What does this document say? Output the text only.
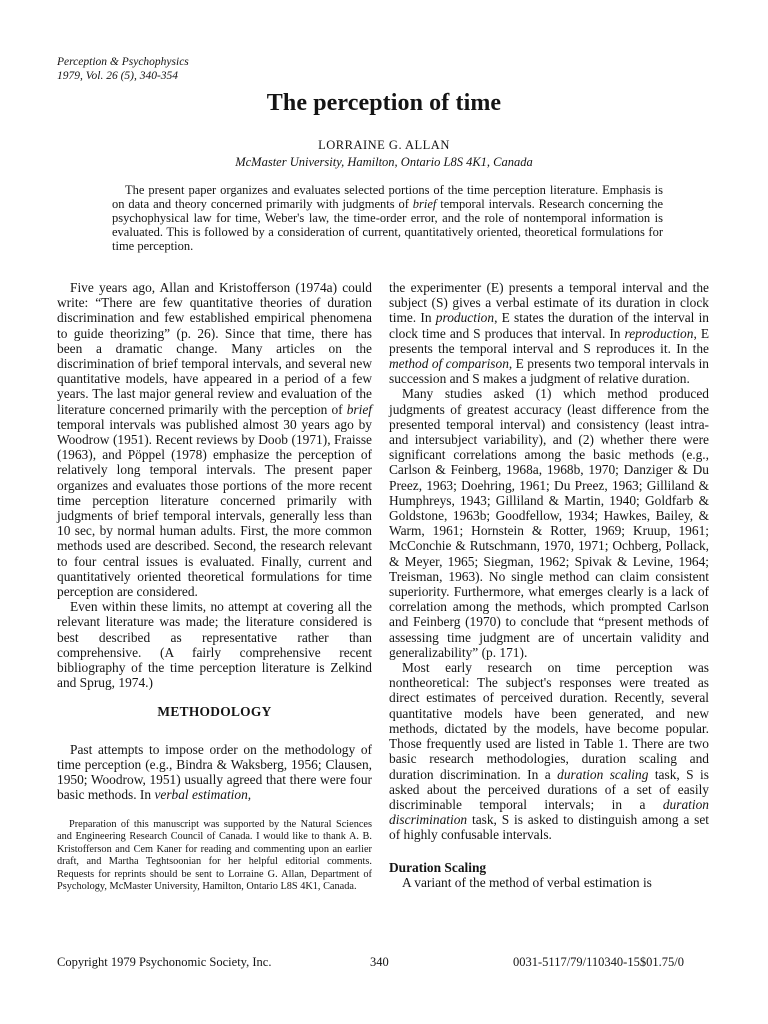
Perception & Psychophysics
1979, Vol. 26 (5), 340-354
The perception of time
LORRAINE G. ALLAN
McMaster University, Hamilton, Ontario L8S 4K1, Canada

The present paper organizes and evaluates selected portions of the time perception literature. Emphasis is on data and theory concerned primarily with judgments of brief temporal intervals. Research concerning the psychophysical law for time, Weber's law, the time-order error, and the role of nontemporal information is evaluated. This is followed by a consideration of current, quantitatively oriented, theoretical formulations for time perception.

Five years ago, Allan and Kristofferson (1974a) could write: “There are few quantitative theories of duration discrimination and few established empirical phenomena to guide theorizing” (p. 26). Since that time, there has been a dramatic change. Many articles on the discrimination of brief temporal intervals, and several new quantitative models, have appeared in a period of a few years. The last major general review and evaluation of the literature concerned primarily with the perception of brief temporal intervals was published almost 30 years ago by Woodrow (1951). Recent reviews by Doob (1971), Fraisse (1963), and Pöppel (1978) emphasize the perception of relatively long temporal intervals. The present paper organizes and evaluates those portions of the more recent time perception literature concerned primarily with judgments of brief temporal intervals, generally less than 10 sec, by normal human adults. First, the more common methods used are described. Second, the research relevant to four central issues is evaluated. Finally, current and quantitatively oriented theoretical formulations for time perception are considered.

Even within these limits, no attempt at covering all the relevant literature was made; the literature considered is best described as representative rather than comprehensive. (A fairly comprehensive recent bibliography of the time perception literature is Zelkind and Sprug, 1974.)

METHODOLOGY

Past attempts to impose order on the methodology of time perception (e.g., Bindra & Waksberg, 1956; Clausen, 1950; Woodrow, 1951) usually agreed that there were four basic methods. In verbal estimation,

Preparation of this manuscript was supported by the Natural Sciences and Engineering Research Council of Canada. I would like to thank A. B. Kristofferson and Cem Kaner for reading and commenting upon an earlier draft, and Martha Teghtsoonian for her helpful editorial comments. Requests for reprints should be sent to Lorraine G. Allan, Department of Psychology, McMaster University, Hamilton, Ontario L8S 4K1, Canada.

the experimenter (E) presents a temporal interval and the subject (S) gives a verbal estimate of its duration in clock time. In production, E states the duration of the interval in clock time and S produces that interval. In reproduction, E presents the temporal interval and S reproduces it. In the method of comparison, E presents two temporal intervals in succession and S makes a judgment of relative duration.

Many studies asked (1) which method produced judgments of greatest accuracy (least difference from the presented temporal interval) and consistency (least intra- and intersubject variability), and (2) whether there were significant correlations among the basic methods (e.g., Carlson & Feinberg, 1968a, 1968b, 1970; Danziger & Du Preez, 1963; Doehring, 1961; Du Preez, 1963; Gilliland & Humphreys, 1943; Gilliland & Martin, 1940; Goldfarb & Goldstone, 1963b; Goodfellow, 1934; Hawkes, Bailey, & Warm, 1961; Hornstein & Rotter, 1969; Kruup, 1961; McConchie & Rutschmann, 1970, 1971; Ochberg, Pollack, & Meyer, 1965; Siegman, 1962; Spivak & Levine, 1964; Treisman, 1963). No single method can claim consistent superiority. Furthermore, what emerges clearly is a lack of correlation among the methods, which prompted Carlson and Feinberg (1970) to conclude that “present methods of assessing time judgment are of uncertain validity and generalizability” (p. 171).

Most early research on time perception was nontheoretical: The subject's responses were treated as direct estimates of perceived duration. Recently, several quantitative models have been generated, and new methods, dictated by the models, have become popular. Those frequently used are listed in Table 1. There are two basic research methodologies, duration scaling and duration discrimination. In a duration scaling task, S is asked about the perceived durations of a set of easily discriminable temporal intervals; in a duration discrimination task, S is asked to distinguish among a set of highly confusable intervals.

Duration Scaling

A variant of the method of verbal estimation is

Copyright 1979 Psychonomic Society, Inc.	340	0031-5117/79/110340-15$01.75/0
